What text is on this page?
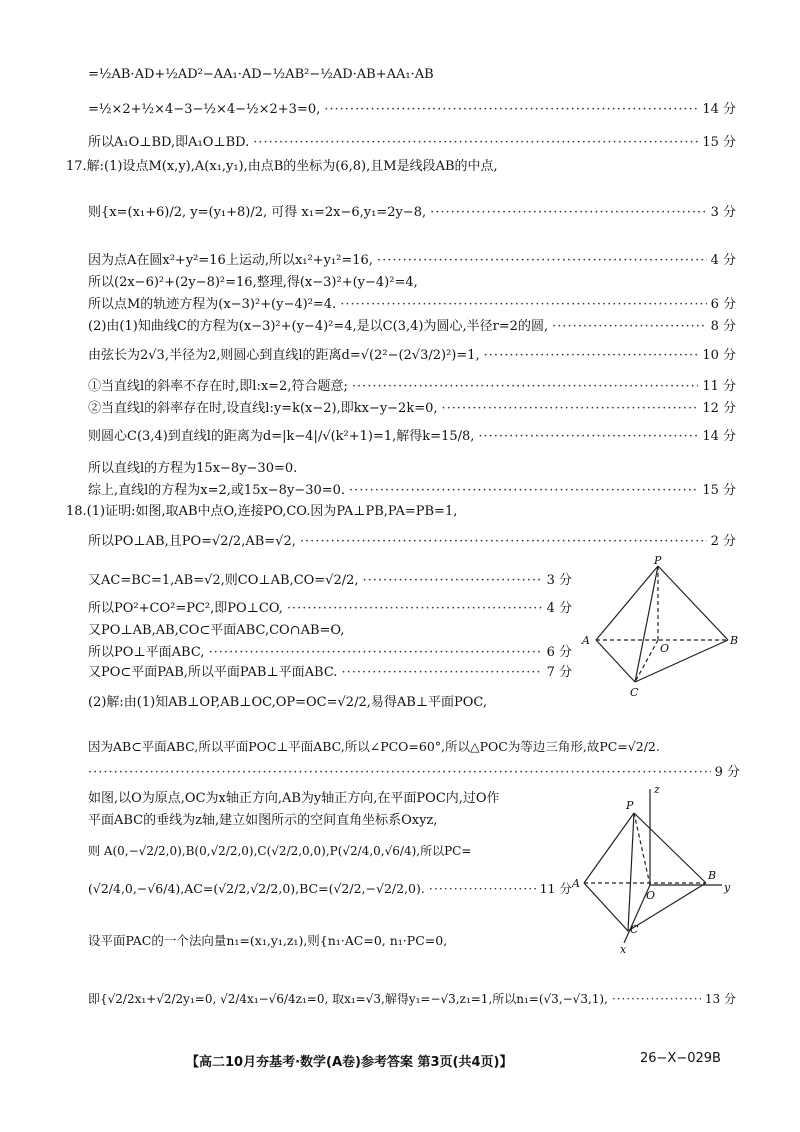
=½AB·AD+½AD²−AA₁·AD−½AB²−½AD·AB+AA₁·AB
=½×2+½×4−3−½×4−½×2+3=0, ·····	14 分
所以A₁O⊥BD,即A₁O⊥BD. ·····	15 分
17.解:(1)设点M(x,y),A(x₁,y₁),由点B的坐标为(6,8),且M是线段AB的中点,
则{x=(x₁+6)/2, y=(y₁+8)/2, 可得 x₁=2x−6,y₁=2y−8, ·····	3 分
因为点A在圆x²+y²=16上运动,所以x₁²+y₁²=16, ·····	4 分
所以(2x−6)²+(2y−8)²=16,整理,得(x−3)²+(y−4)²=4,
所以点M的轨迹方程为(x−3)²+(y−4)²=4. ·····	6 分
(2)由(1)知曲线C的方程为(x−3)²+(y−4)²=4,是以C(3,4)为圆心,半径r=2的圆, ·····	8 分
由弦长为2√3,半径为2,则圆心到直线l的距离d=√(2²−(2√3/2)²)=1, ·····	10 分
①当直线l的斜率不存在时,即l:x=2,符合题意; ·····	11 分
②当直线l的斜率存在时,设直线l:y=k(x−2),即kx−y−2k=0, ·····	12 分
则圆心C(3,4)到直线l的距离为d=|k−4|/√(k²+1)=1,解得k=15/8, ·····	14 分
所以直线l的方程为15x−8y−30=0.
综上,直线l的方程为x=2,或15x−8y−30=0. ·····	15 分
18.(1)证明:如图,取AB中点O,连接PO,CO.因为PA⊥PB,PA=PB=1,
所以PO⊥AB,且PO=√2/2,AB=√2, ·····	2 分
又AC=BC=1,AB=√2,则CO⊥AB,CO=√2/2, ·····	3 分
所以PO²+CO²=PC²,即PO⊥CO, ·····	4 分
又PO⊥AB,AB,CO⊂平面ABC,CO∩AB=O,
所以PO⊥平面ABC, ·····	6 分
又PO⊂平面PAB,所以平面PAB⊥平面ABC. ·····	7 分
(2)解:由(1)知AB⊥OP,AB⊥OC,OP=OC=√2/2,易得AB⊥平面POC,
因为AB⊂平面ABC,所以平面POC⊥平面ABC,所以∠PCO=60°,所以△POC为等边三角形,故PC=√2/2.
·····
9 分
如图,以O为原点,OC为x轴正方向,AB为y轴正方向,在平面POC内,过O作
平面ABC的垂线为z轴,建立如图所示的空间直角坐标系Oxyz,
则 A(0,−√2/2,0),B(0,√2/2,0),C(√2/2,0,0),P(√2/4,0,√6/4),所以PC=
(√2/4,0,−√6/4),AC=(√2/2,√2/2,0),BC=(√2/2,−√2/2,0). ·····	11 分
设平面PAC的一个法向量n₁=(x₁,y₁,z₁),则{n₁·AC=0, n₁·PC=0,
即{√2/2x₁+√2/2y₁=0, √2/4x₁−√6/4z₁=0, 取x₁=√3,解得y₁=−√3,z₁=1,所以n₁=(√3,−√3,1), ·····	13 分
P
A	B
O
C
z
P
A
B
y
O
C
x
【高二10月夯基考·数学(A卷)参考答案 第3页(共4页)】	26−X−029B
